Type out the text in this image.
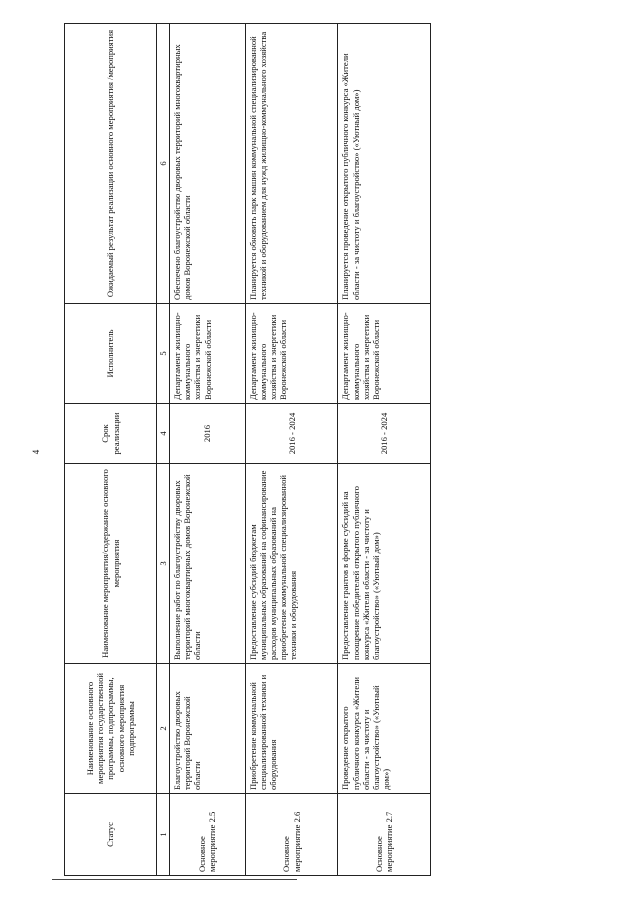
4
Статус	Наименование основного мероприятия государственной программы, подпрограммы, основного мероприятия подпрограммы	Наименование мероприятия/содержание основного мероприятия	Срок реализации	Исполнитель	Ожидаемый результат реализации основного мероприятия /мероприятия
1	2	3	4	5	6
Основное мероприятие 2.5	Благоустройство дворовых территорий Воронежской области	Выполнение работ по благоустройству дворовых территорий многоквартирных домов Воронежской области	2016	Департамент жилищно-коммунального хозяйства и энергетики Воронежской области	Обеспечено благоустройство дворовых территорий многоквартирных домов Воронежской области
Основное мероприятие 2.6	Приобретение коммунальной специализированной техники и оборудования	Предоставление субсидий бюджетам муниципальных образований на софинансирование расходов муниципальных образований на приобретение коммунальной специализированной техники и оборудования	2016 - 2024	Департамент жилищно-коммунального хозяйства и энергетики Воронежской области	Планируется обновить парк машин коммунальной специализированной техникой и оборудованием для нужд жилищно-коммунального хозяйства
Основное мероприятие 2.7	Проведение открытого публичного конкурса «Жители области - за чистоту и благоустройство» («Уютный дом»)	Предоставление грантов в форме субсидий на поощрение победителей открытого публичного конкурса «Жители области - за чистоту и благоустройство» («Уютный дом»)	2016 - 2024	Департамент жилищно-коммунального хозяйства и энергетики Воронежской области	Планируется проведение открытого публичного конкурса «Жители области - за чистоту и благоустройство» («Уютный дом»)
